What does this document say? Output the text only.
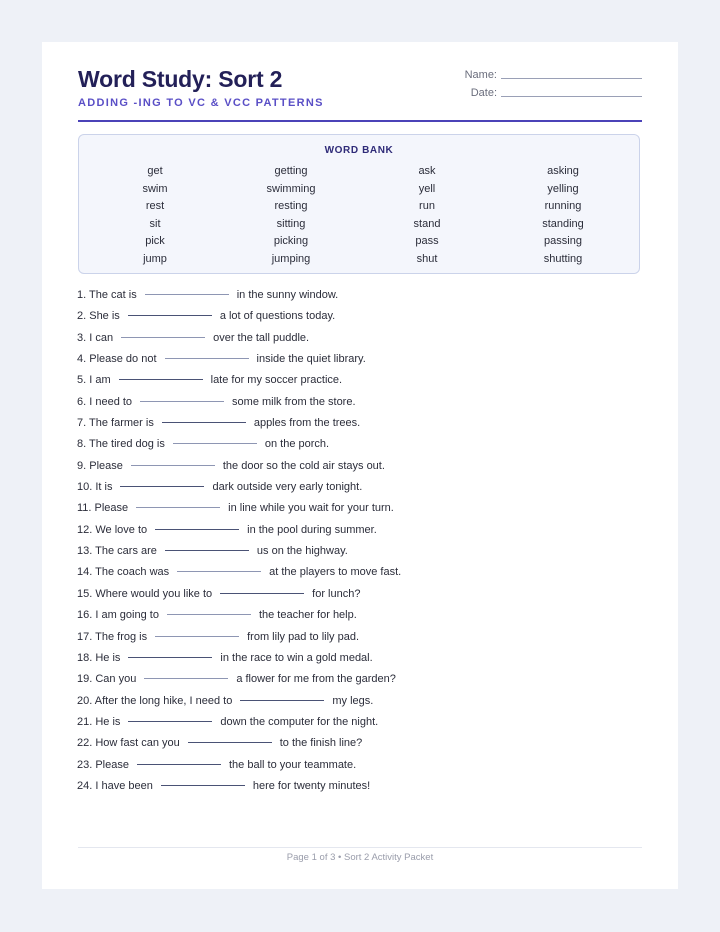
Word Study: Sort 2
ADDING -ING TO VC & VCC PATTERNS
Name:
Date:
WORD BANK
get	getting	ask	asking
swim	swimming	yell	yelling
rest	resting	run	running
sit	sitting	stand	standing
pick	picking	pass	passing
jump	jumping	shut	shutting
1. The cat is	in the sunny window.
2. She is	a lot of questions today.
3. I can	over the tall puddle.
4. Please do not	inside the quiet library.
5. I am	late for my soccer practice.
6. I need to	some milk from the store.
7. The farmer is	apples from the trees.
8. The tired dog is	on the porch.
9. Please	the door so the cold air stays out.
10. It is	dark outside very early tonight.
11. Please	in line while you wait for your turn.
12. We love to	in the pool during summer.
13. The cars are	us on the highway.
14. The coach was	at the players to move fast.
15. Where would you like to	for lunch?
16. I am going to	the teacher for help.
17. The frog is	from lily pad to lily pad.
18. He is	in the race to win a gold medal.
19. Can you	a flower for me from the garden?
20. After the long hike, I need to	my legs.
21. He is	down the computer for the night.
22. How fast can you	to the finish line?
23. Please	the ball to your teammate.
24. I have been	here for twenty minutes!
Page 1 of 3 • Sort 2 Activity Packet
